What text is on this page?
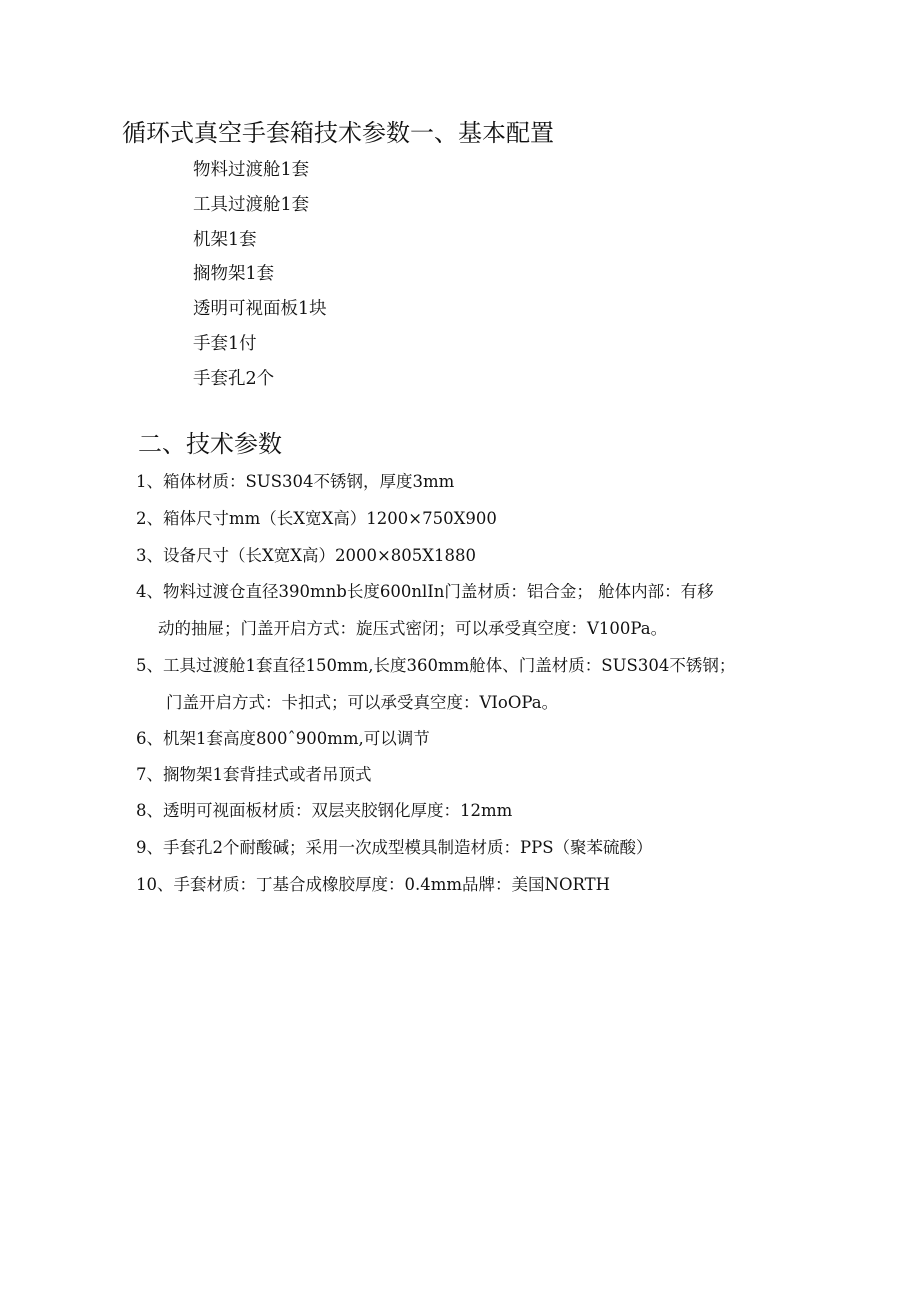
循环式真空手套箱技术参数一、基本配置
物料过渡舱1套
工具过渡舱1套
机架1套
搁物架1套
透明可视面板1块
手套1付
手套孔2个
二、技术参数
1、箱体材质：SUS304不锈钢，厚度3mm
2、箱体尺寸mm（长X宽X高）1200×750X900
3、设备尺寸（长X宽X高）2000×805X1880
4、物料过渡仓直径390mnb长度600nlIn门盖材质：铝合金； 舱体内部：有移
动的抽屉；门盖开启方式：旋压式密闭；可以承受真空度：V100Pa。
5、工具过渡舱1套直径150mm,长度360mm舱体、门盖材质：SUS304不锈钢；
门盖开启方式：卡扣式；可以承受真空度：VIoOPa。
6、机架1套高度800ˆ900mm,可以调节
7、搁物架1套背挂式或者吊顶式
8、透明可视面板材质：双层夹胶钢化厚度：12mm
9、手套孔2个耐酸碱；采用一次成型模具制造材质：PPS（聚苯硫酸）
10、手套材质：丁基合成橡胶厚度：0.4mm品牌：美国NORTH
